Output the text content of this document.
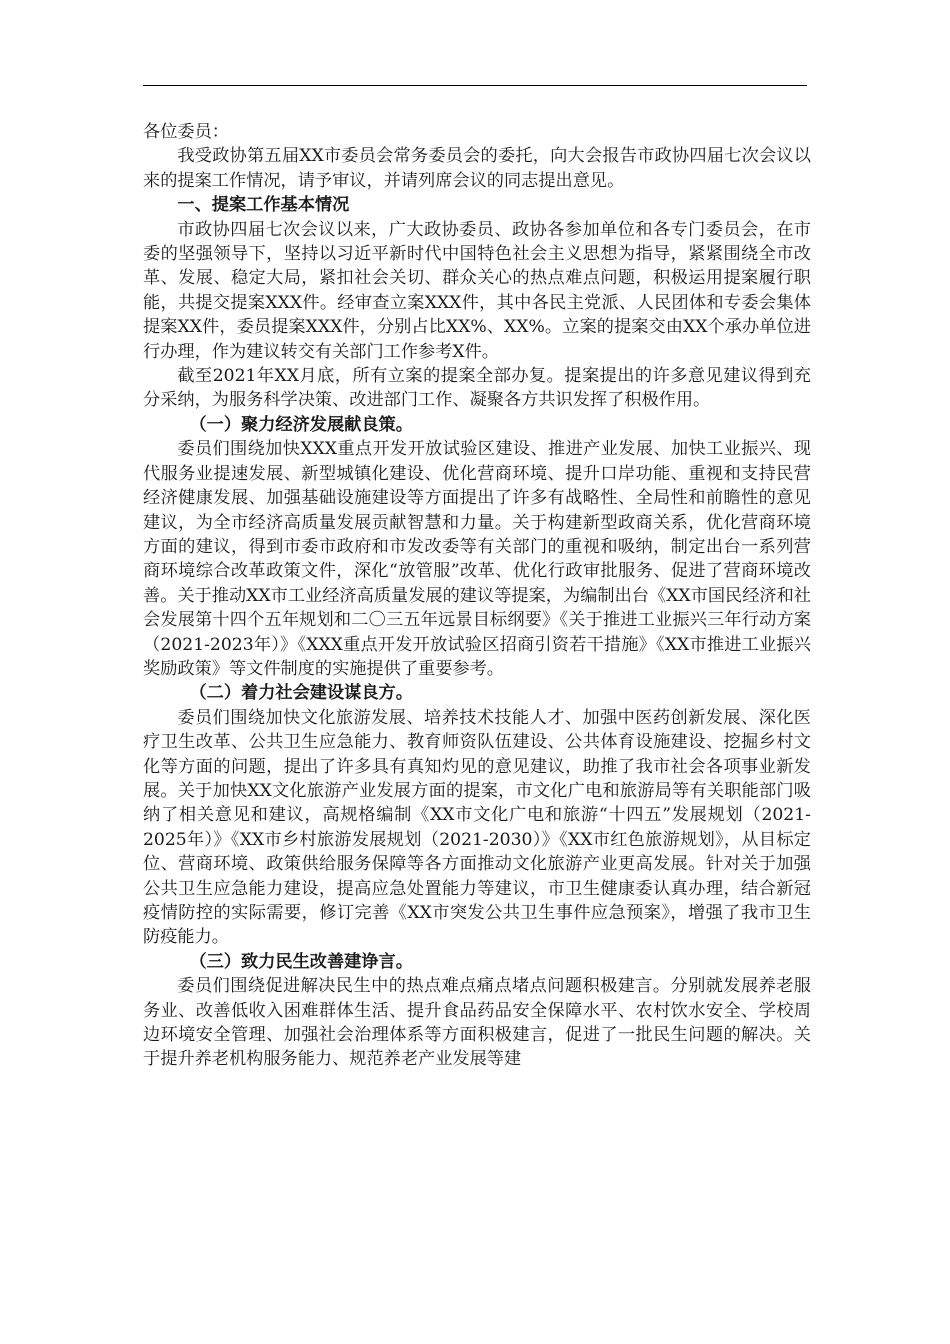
各位委员：

我受政协第五届XX市委员会常务委员会的委托，向大会报告市政协四届七次会议以来的提案工作情况，请予审议，并请列席会议的同志提出意见。

一、提案工作基本情况

市政协四届七次会议以来，广大政协委员、政协各参加单位和各专门委员会，在市委的坚强领导下，坚持以习近平新时代中国特色社会主义思想为指导，紧紧围绕全市改革、发展、稳定大局，紧扣社会关切、群众关心的热点难点问题，积极运用提案履行职能，共提交提案XXX件。经审查立案XXX件，其中各民主党派、人民团体和专委会集体提案XX件，委员提案XXX件，分别占比XX%、XX%。立案的提案交由XX个承办单位进行办理，作为建议转交有关部门工作参考X件。

截至2021年XX月底，所有立案的提案全部办复。提案提出的许多意见建议得到充分采纳，为服务科学决策、改进部门工作、凝聚各方共识发挥了积极作用。

（一）聚力经济发展献良策。

委员们围绕加快XXX重点开发开放试验区建设、推进产业发展、加快工业振兴、现代服务业提速发展、新型城镇化建设、优化营商环境、提升口岸功能、重视和支持民营经济健康发展、加强基础设施建设等方面提出了许多有战略性、全局性和前瞻性的意见建议，为全市经济高质量发展贡献智慧和力量。关于构建新型政商关系，优化营商环境方面的建议，得到市委市政府和市发改委等有关部门的重视和吸纳，制定出台一系列营商环境综合改革政策文件，深化“放管服”改革、优化行政审批服务、促进了营商环境改善。关于推动XX市工业经济高质量发展的建议等提案，为编制出台《XX市国民经济和社会发展第十四个五年规划和二〇三五年远景目标纲要》《关于推进工业振兴三年行动方案（2021-2023年）》《XXX重点开发开放试验区招商引资若干措施》《XX市推进工业振兴奖励政策》等文件制度的实施提供了重要参考。

（二）着力社会建设谋良方。

委员们围绕加快文化旅游发展、培养技术技能人才、加强中医药创新发展、深化医疗卫生改革、公共卫生应急能力、教育师资队伍建设、公共体育设施建设、挖掘乡村文化等方面的问题，提出了许多具有真知灼见的意见建议，助推了我市社会各项事业新发展。关于加快XX文化旅游产业发展方面的提案，市文化广电和旅游局等有关职能部门吸纳了相关意见和建议，高规格编制《XX市文化广电和旅游“十四五”发展规划（2021-2025年）》《XX市乡村旅游发展规划（2021-2030）》《XX市红色旅游规划》，从目标定位、营商环境、政策供给服务保障等各方面推动文化旅游产业更高发展。针对关于加强公共卫生应急能力建设，提高应急处置能力等建议，市卫生健康委认真办理，结合新冠疫情防控的实际需要，修订完善《XX市突发公共卫生事件应急预案》，增强了我市卫生防疫能力。

（三）致力民生改善建诤言。

委员们围绕促进解决民生中的热点难点痛点堵点问题积极建言。分别就发展养老服务业、改善低收入困难群体生活、提升食品药品安全保障水平、农村饮水安全、学校周边环境安全管理、加强社会治理体系等方面积极建言，促进了一批民生问题的解决。关于提升养老机构服务能力、规范养老产业发展等建
